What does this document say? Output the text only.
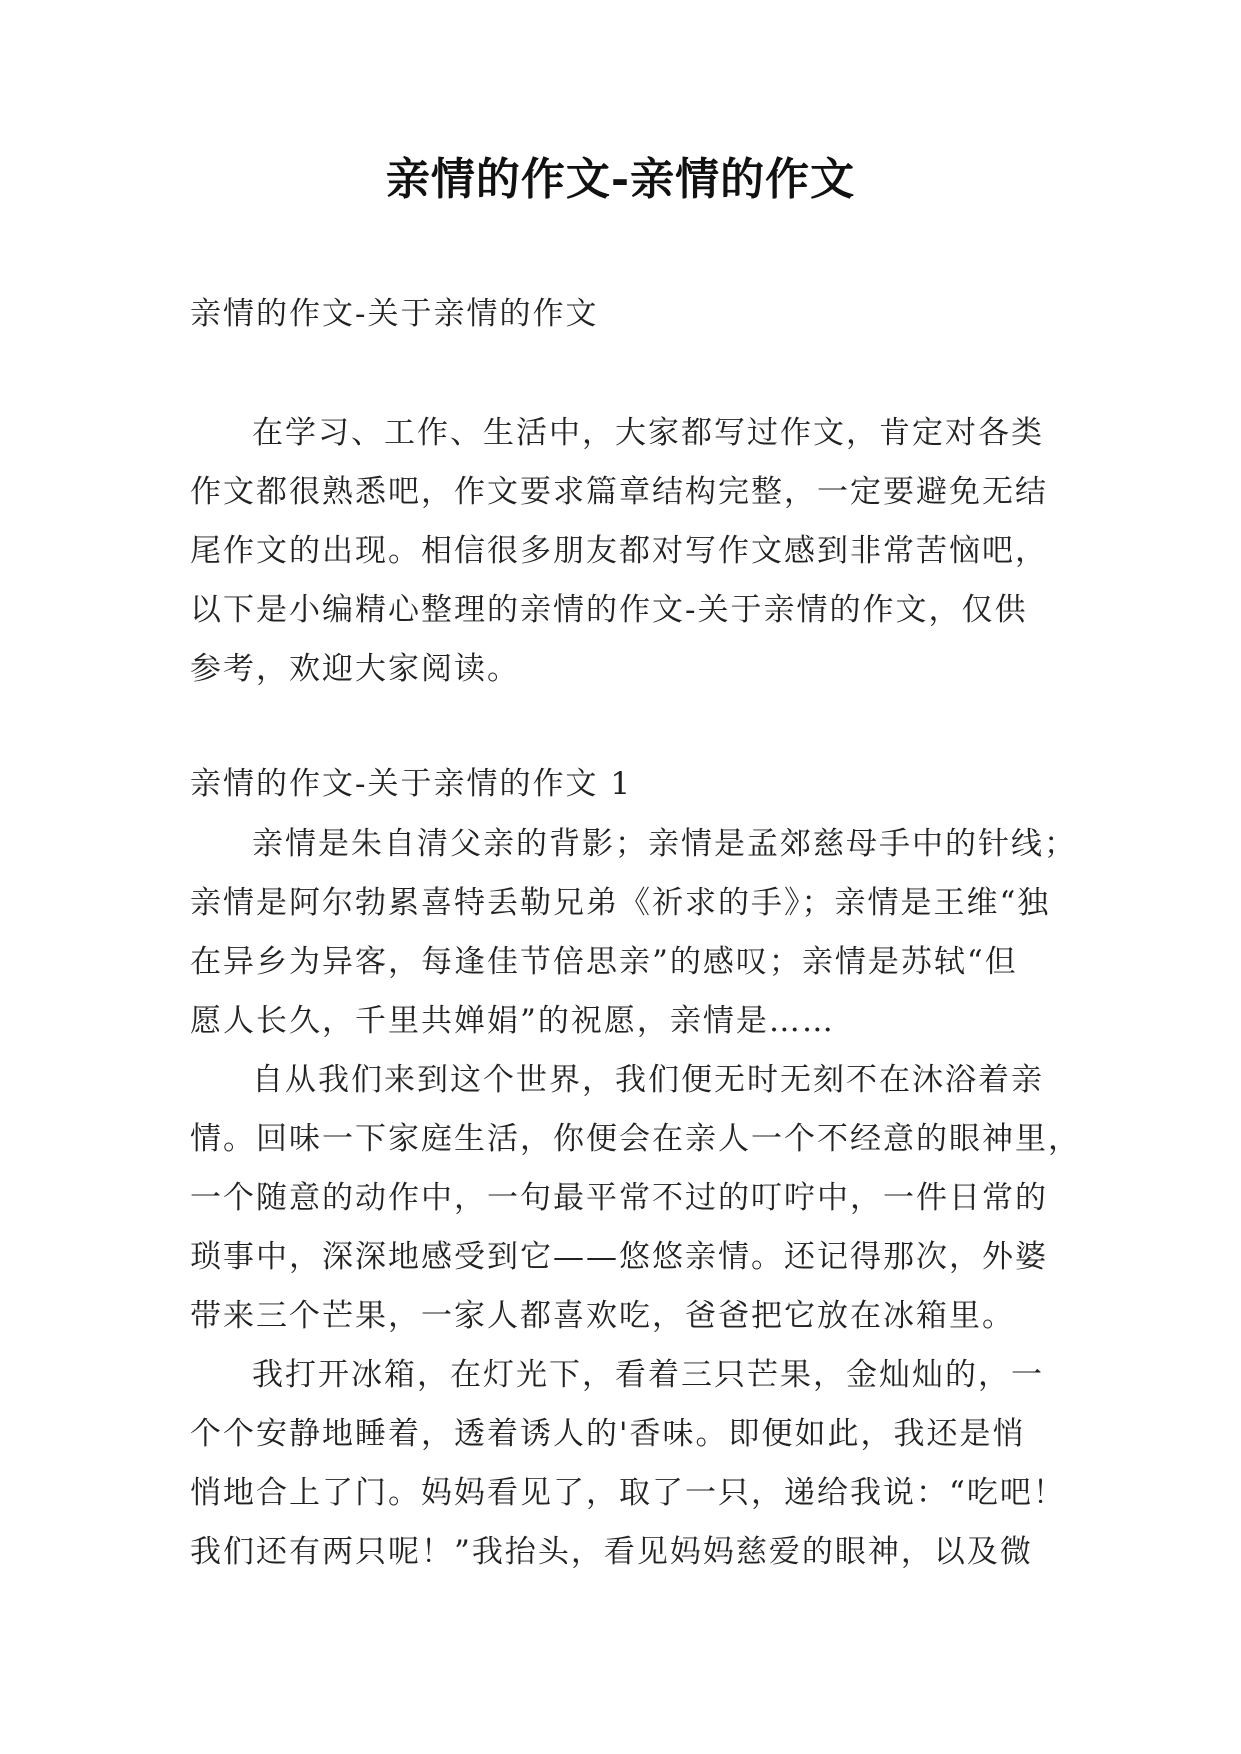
亲情的作文-亲情的作文

亲情的作文-关于亲情的作文

在学习、工作、生活中，大家都写过作文，肯定对各类
作文都很熟悉吧，作文要求篇章结构完整，一定要避免无结
尾作文的出现。相信很多朋友都对写作文感到非常苦恼吧，
以下是小编精心整理的亲情的作文-关于亲情的作文，仅供
参考，欢迎大家阅读。

亲情的作文-关于亲情的作文 1

亲情是朱自清父亲的背影；亲情是孟郊慈母手中的针线；
亲情是阿尔勃累喜特丢勒兄弟《祈求的手》；亲情是王维“独
在异乡为异客，每逢佳节倍思亲”的感叹；亲情是苏轼“但
愿人长久，千里共婵娟”的祝愿，亲情是……

自从我们来到这个世界，我们便无时无刻不在沐浴着亲
情。回味一下家庭生活，你便会在亲人一个不经意的眼神里，
一个随意的动作中，一句最平常不过的叮咛中，一件日常的
琐事中，深深地感受到它——悠悠亲情。还记得那次，外婆
带来三个芒果，一家人都喜欢吃，爸爸把它放在冰箱里。

我打开冰箱，在灯光下，看着三只芒果，金灿灿的，一
个个安静地睡着，透着诱人的'香味。即便如此，我还是悄
悄地合上了门。妈妈看见了，取了一只，递给我说：“吃吧！
我们还有两只呢！”我抬头，看见妈妈慈爱的眼神，以及微
